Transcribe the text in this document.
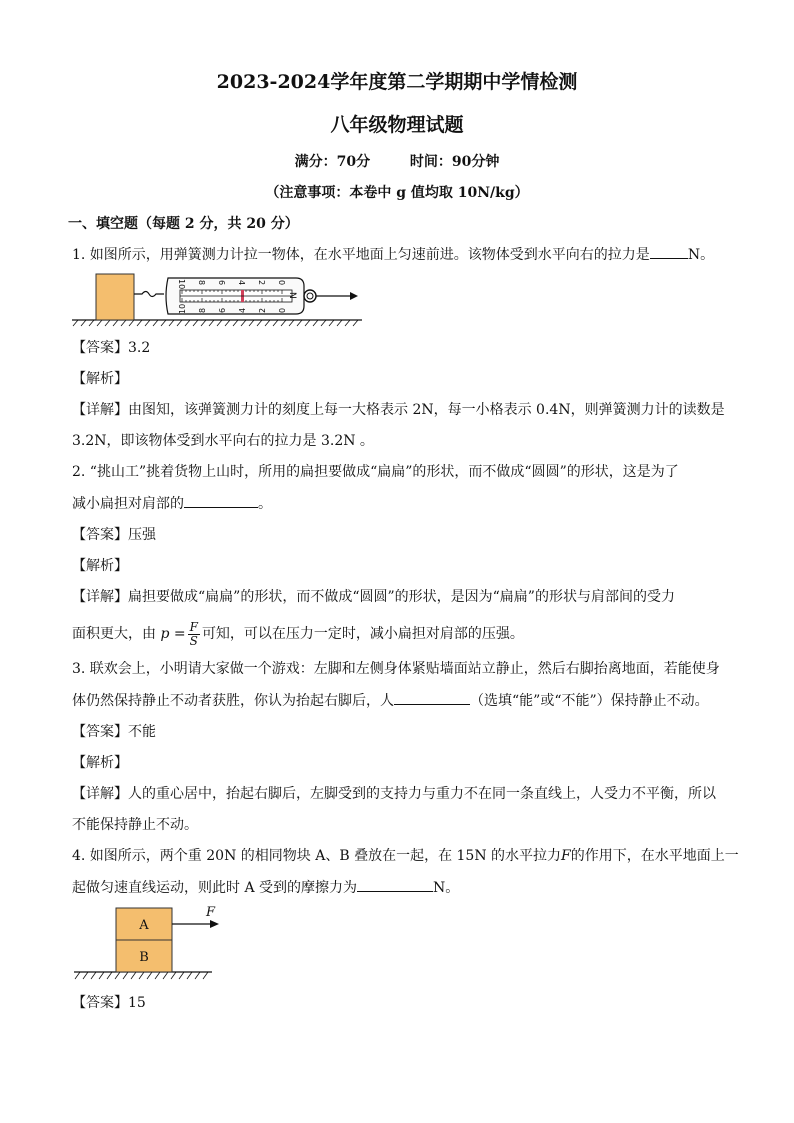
2023-2024学年度第二学期期中学情检测
八年级物理试题
满分：70分	时间：90分钟
（注意事项：本卷中 g 值均取 10N/kg）
一、填空题（每题 2 分，共 20 分）
1. 如图所示，用弹簧测力计拉一物体，在水平地面上匀速前进。该物体受到水平向右的拉力是	N。
0
2
4
6
8
10
0
2
4
6
8
10
N
【答案】3.2
【解析】
【详解】由图知，该弹簧测力计的刻度上每一大格表示 2N，每一小格表示 0.4N，则弹簧测力计的读数是
3.2N，即该物体受到水平向右的拉力是 3.2N 。
2. “挑山工”挑着货物上山时，所用的扁担要做成“扁扁”的形状，而不做成“圆圆”的形状，这是为了
减小扁担对肩部的	。
【答案】压强
【解析】
【详解】扁担要做成“扁扁”的形状，而不做成“圆圆”的形状，是因为“扁扁”的形状与肩部间的受力
面积更大，由 $p = \frac{F}{S}$ 可知，可以在压力一定时，减小扁担对肩部的压强。
3. 联欢会上，小明请大家做一个游戏：左脚和左侧身体紧贴墙面站立静止，然后右脚抬离地面，若能使身
体仍然保持静止不动者获胜，你认为抬起右脚后，人	（选填“能”或“不能”）保持静止不动。
【答案】不能
【解析】
【详解】人的重心居中，抬起右脚后，左脚受到的支持力与重力不在同一条直线上，人受力不平衡，所以
不能保持静止不动。
4. 如图所示，两个重 20N 的相同物块 A、B 叠放在一起，在 15N 的水平拉力F的作用下，在水平地面上一
起做匀速直线运动，则此时 A 受到的摩擦力为	N。
A
B
F
【答案】15
